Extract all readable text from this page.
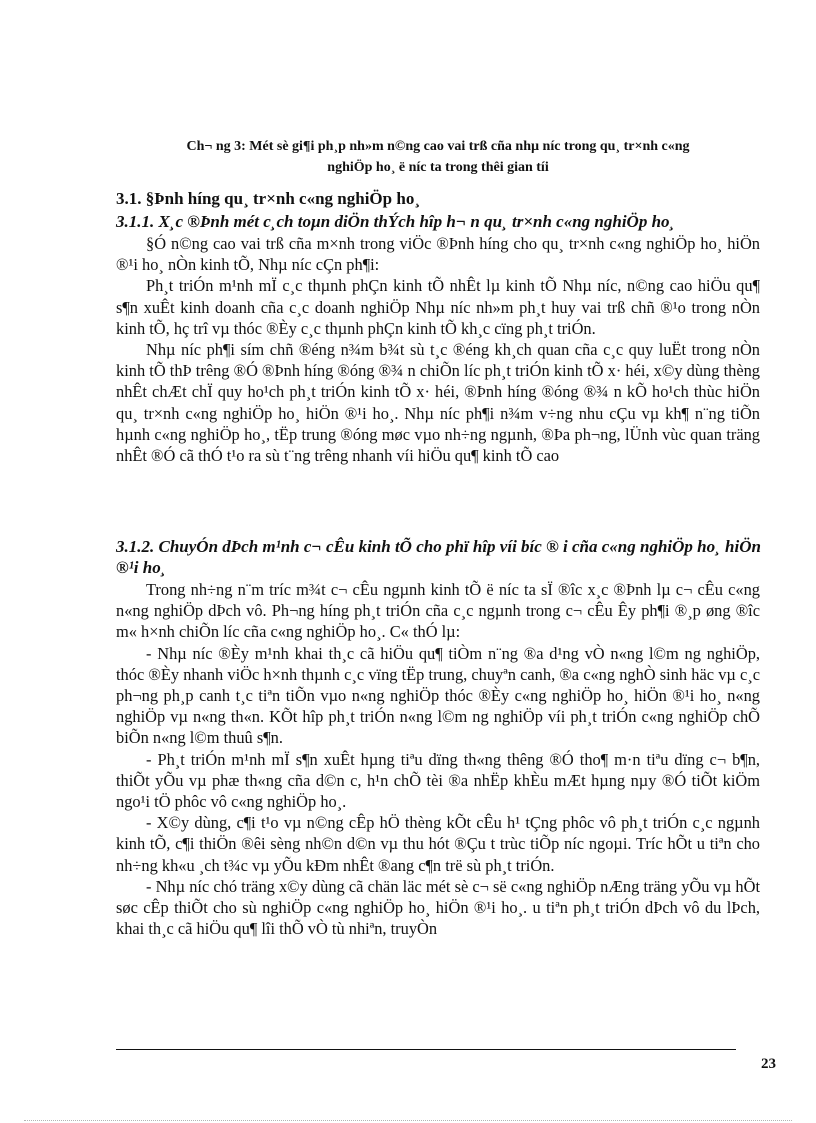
Ch¬ ng 3: Mét sè gi¶i ph¸p nh»m n©ng cao vai trß cña nhµ níc trong qu¸ tr×nh c«ng
nghiÖp ho¸ ë níc ta trong thêi gian tíi
3.1. §Þnh híng qu¸ tr×nh c«ng nghiÖp ho¸
3.1.1. X¸c ®Þnh mét c¸ch toµn diÖn thÝch hîp h¬ n qu¸ tr×nh c«ng nghiÖp ho¸

§Ó n©ng cao vai trß cña m×nh trong viÖc ®Þnh híng cho qu¸ tr×nh c«ng nghiÖp ho¸ hiÖn ®¹i ho¸ nÒn kinh tÕ, Nhµ níc cÇn ph¶i:

Ph¸t triÓn m¹nh mÏ c¸c thµnh phÇn kinh tÕ nhÊt lµ kinh tÕ Nhµ níc, n©ng cao hiÖu qu¶ s¶n xuÊt kinh doanh cña c¸c doanh nghiÖp Nhµ níc nh»m ph¸t huy vai trß chñ ®¹o trong nÒn kinh tÕ, hç trî vµ thóc ®Èy c¸c thµnh phÇn kinh tÕ kh¸c cïng ph¸t triÓn.

Nhµ níc ph¶i sím chñ ®éng n¾m b¾t sù t¸c ®éng kh¸ch quan cña c¸c quy luËt trong nÒn kinh tÕ thÞ trêng ®Ó ®Þnh híng ®óng ®¾ n chiÕn líc ph¸t triÓn kinh tÕ x· héi, x©y dùng thèng nhÊt chÆt chÏ quy ho¹ch ph¸t triÓn kinh tÕ x· héi, ®Þnh híng ®óng ®¾ n kÕ ho¹ch thùc hiÖn qu¸ tr×nh c«ng nghiÖp ho¸ hiÖn ®¹i ho¸. Nhµ níc ph¶i n¾m v÷ng nhu cÇu vµ kh¶ n¨ng tiÕn hµnh c«ng nghiÖp ho¸, tËp trung ®óng møc vµo nh÷ng ngµnh, ®Þa ph¬ng, lÜnh vùc quan träng nhÊt ®Ó cã thÓ t¹o ra sù t¨ng trêng nhanh víi hiÖu qu¶ kinh tÕ cao

3.1.2. ChuyÓn dÞch m¹nh c¬ cÊu kinh tÕ cho phï hîp víi bíc ® i cña c«ng nghiÖp ho¸ hiÖn ®¹i ho¸

Trong nh÷ng n¨m tríc m¾t c¬ cÊu ngµnh kinh tÕ ë níc ta sÏ ®îc x¸c ®Þnh lµ c¬ cÊu c«ng n«ng nghiÖp dÞch vô. Ph¬ng híng ph¸t triÓn cña c¸c ngµnh trong c¬ cÊu Êy ph¶i ®¸p øng ®îc m« h×nh chiÕn líc cña c«ng nghiÖp ho¸. C« thÓ lµ:

- Nhµ níc ®Èy m¹nh khai th¸c cã hiÖu qu¶ tiÒm n¨ng ®a d¹ng vÒ n«ng l©m ng nghiÖp, thóc ®Èy nhanh viÖc h×nh thµnh c¸c vïng tËp trung, chuyªn canh, ®a c«ng nghÒ sinh häc vµ c¸c ph¬ng ph¸p canh t¸c tiªn tiÕn vµo n«ng nghiÖp thóc ®Èy c«ng nghiÖp ho¸ hiÖn ®¹i ho¸ n«ng nghiÖp vµ n«ng th«n. KÕt hîp ph¸t triÓn n«ng l©m ng nghiÖp víi ph¸t triÓn c«ng nghiÖp chÕ biÕn n«ng l©m thuû s¶n.

- Ph¸t triÓn m¹nh mÏ s¶n xuÊt hµng tiªu dïng th«ng thêng ®Ó tho¶ m·n tiªu dïng c¬ b¶n, thiÕt yÕu vµ phæ th«ng cña d©n c, h¹n chÕ tèi ®a nhËp khÈu mÆt hµng nµy ®Ó tiÕt kiÖm ngo¹i tÖ phôc vô c«ng nghiÖp ho¸.

- X©y dùng, c¶i t¹o vµ n©ng cÊp hÖ thèng kÕt cÊu h¹ tÇng phôc vô ph¸t triÓn c¸c ngµnh kinh tÕ, c¶i thiÖn ®êi sèng nh©n d©n vµ thu hót ®Çu t trùc tiÕp níc ngoµi. Tríc hÕt u tiªn cho nh÷ng kh«u ¸ch t¾c vµ yÕu kÐm nhÊt ®ang c¶n trë sù ph¸t triÓn.

- Nhµ níc chó träng x©y dùng cã chän läc mét sè c¬ së c«ng nghiÖp nÆng träng yÕu vµ hÕt søc cÊp thiÕt cho sù nghiÖp c«ng nghiÖp ho¸ hiÖn ®¹i ho¸. u tiªn ph¸t triÓn dÞch vô du lÞch, khai th¸c cã hiÖu qu¶ lîi thÕ vÒ tù nhiªn, truyÒn

23
